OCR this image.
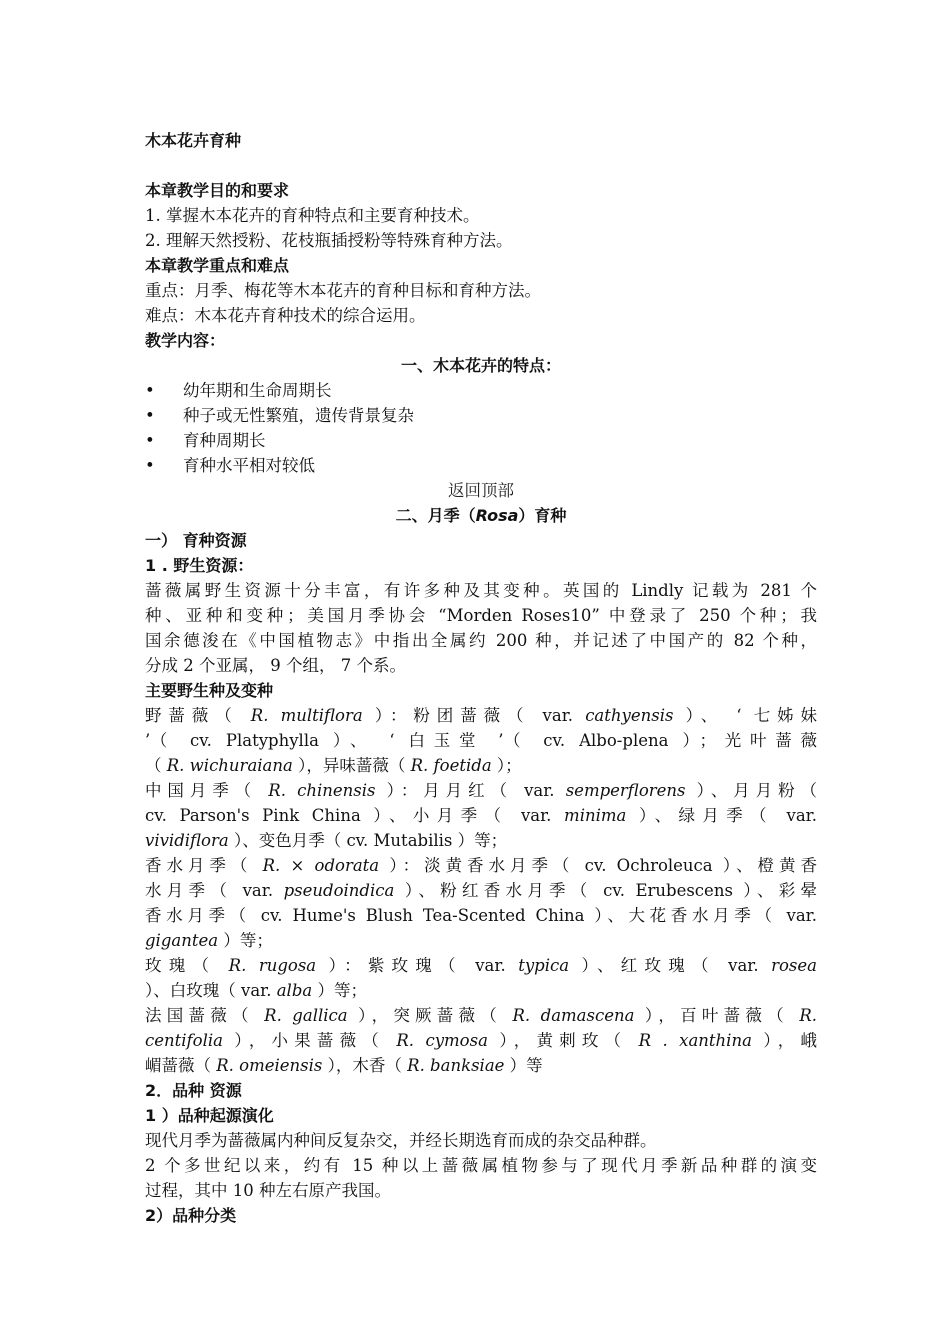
木本花卉育种
本章教学目的和要求
1. 掌握木本花卉的育种特点和主要育种技术。
2. 理解天然授粉、花枝瓶插授粉等特殊育种方法。
本章教学重点和难点
重点：月季、梅花等木本花卉的育种目标和育种方法。
难点：木本花卉育种技术的综合运用。
教学内容：
一、木本花卉的特点：
•	幼年期和生命周期长
•	种子或无性繁殖，遗传背景复杂
•	育种周期长
•	育种水平相对较低
返回顶部
二、月季（Rosa）育种
一） 育种资源
1 . 野生资源：
蔷薇属野生资源十分丰富，有许多种及其变种。英国的 Lindly 记载为 281 个
种、亚种和变种；美国月季协会 “Morden Roses10” 中登录了 250 个种；我
国余德浚在《中国植物志》中指出全属约 200 种，并记述了中国产的 82 个种，
分成 2 个亚属， 9 个组， 7 个系。
主要野生种及变种
野蔷薇（ R. multiflora ）：粉团蔷薇（ var. cathyensis ）、 ‘ 七姊妹
’（ cv. Platyphylla ）、 ‘ 白玉堂 ’（ cv. Albo-plena ）；光叶蔷薇
（ R. wichuraiana ），异味蔷薇（ R. foetida ）；
中国月季（ R. chinensis ）：月月红（ var. semperflorens ）、月月粉（
cv. Parson's Pink China ）、小月季（ var. minima ）、绿月季（ var.
vividiflora ）、变色月季（ cv. Mutabilis ）等；
香水月季（ R. × odorata ）：淡黄香水月季（ cv. Ochroleuca ）、橙黄香
水月季（ var. pseudoindica ）、粉红香水月季（ cv. Erubescens ）、彩晕
香水月季（ cv. Hume's Blush Tea-Scented China ）、大花香水月季（ var.
gigantea ）等；
玫瑰（ R. rugosa ）：紫玫瑰（ var. typica ）、红玫瑰（ var. rosea
）、白玫瑰（ var. alba ）等；
法国蔷薇（ R. gallica ），突厥蔷薇（ R. damascena ），百叶蔷薇（ R.
centifolia ），小果蔷薇（ R. cymosa ），黄刺玫（ R . xanthina ），峨
嵋蔷薇（ R. omeiensis ），木香（ R. banksiae ）等
2．品种 资源
1 ）品种起源演化
现代月季为蔷薇属内种间反复杂交，并经长期选育而成的杂交品种群。
2 个多世纪以来，约有 15 种以上蔷薇属植物参与了现代月季新品种群的演变
过程，其中 10 种左右原产我国。
2）品种分类
